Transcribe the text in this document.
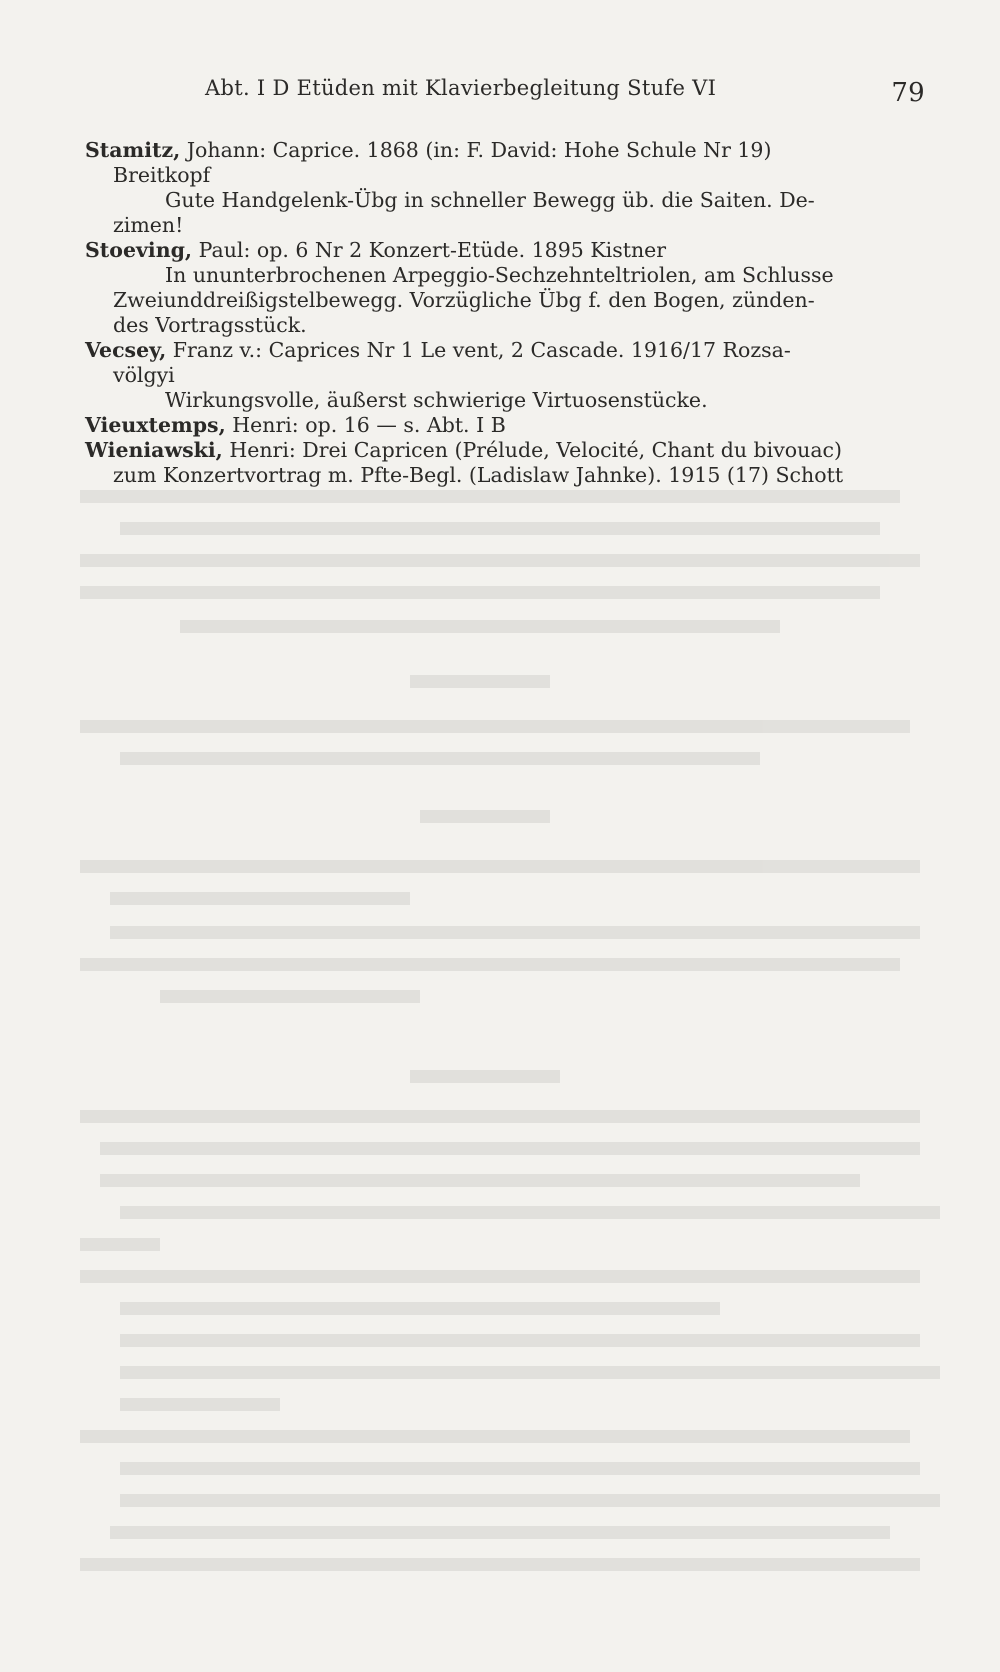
Abt. I D Etüden mit Klavierbegleitung Stufe VI	79
Stamitz, Johann: Caprice. 1868 (in: F. David: Hohe Schule Nr 19)
Breitkopf
Gute Handgelenk-Übg in schneller Bewegg üb. die Saiten. De-
zimen!
Stoeving, Paul: op. 6 Nr 2 Konzert-Etüde. 1895 Kistner
In ununterbrochenen Arpeggio-Sechzehnteltriolen, am Schlusse
Zweiunddreißigstelbewegg. Vorzügliche Übg f. den Bogen, zünden-
des Vortragsstück.
Vecsey, Franz v.: Caprices Nr 1 Le vent, 2 Cascade. 1916/17 Rozsa-
völgyi
Wirkungsvolle, äußerst schwierige Virtuosenstücke.
Vieuxtemps, Henri: op. 16 — s. Abt. I B
Wieniawski, Henri: Drei Capricen (Prélude, Velocité, Chant du bivouac)
zum Konzertvortrag m. Pfte-Begl. (Ladislaw Jahnke). 1915 (17) Schott
